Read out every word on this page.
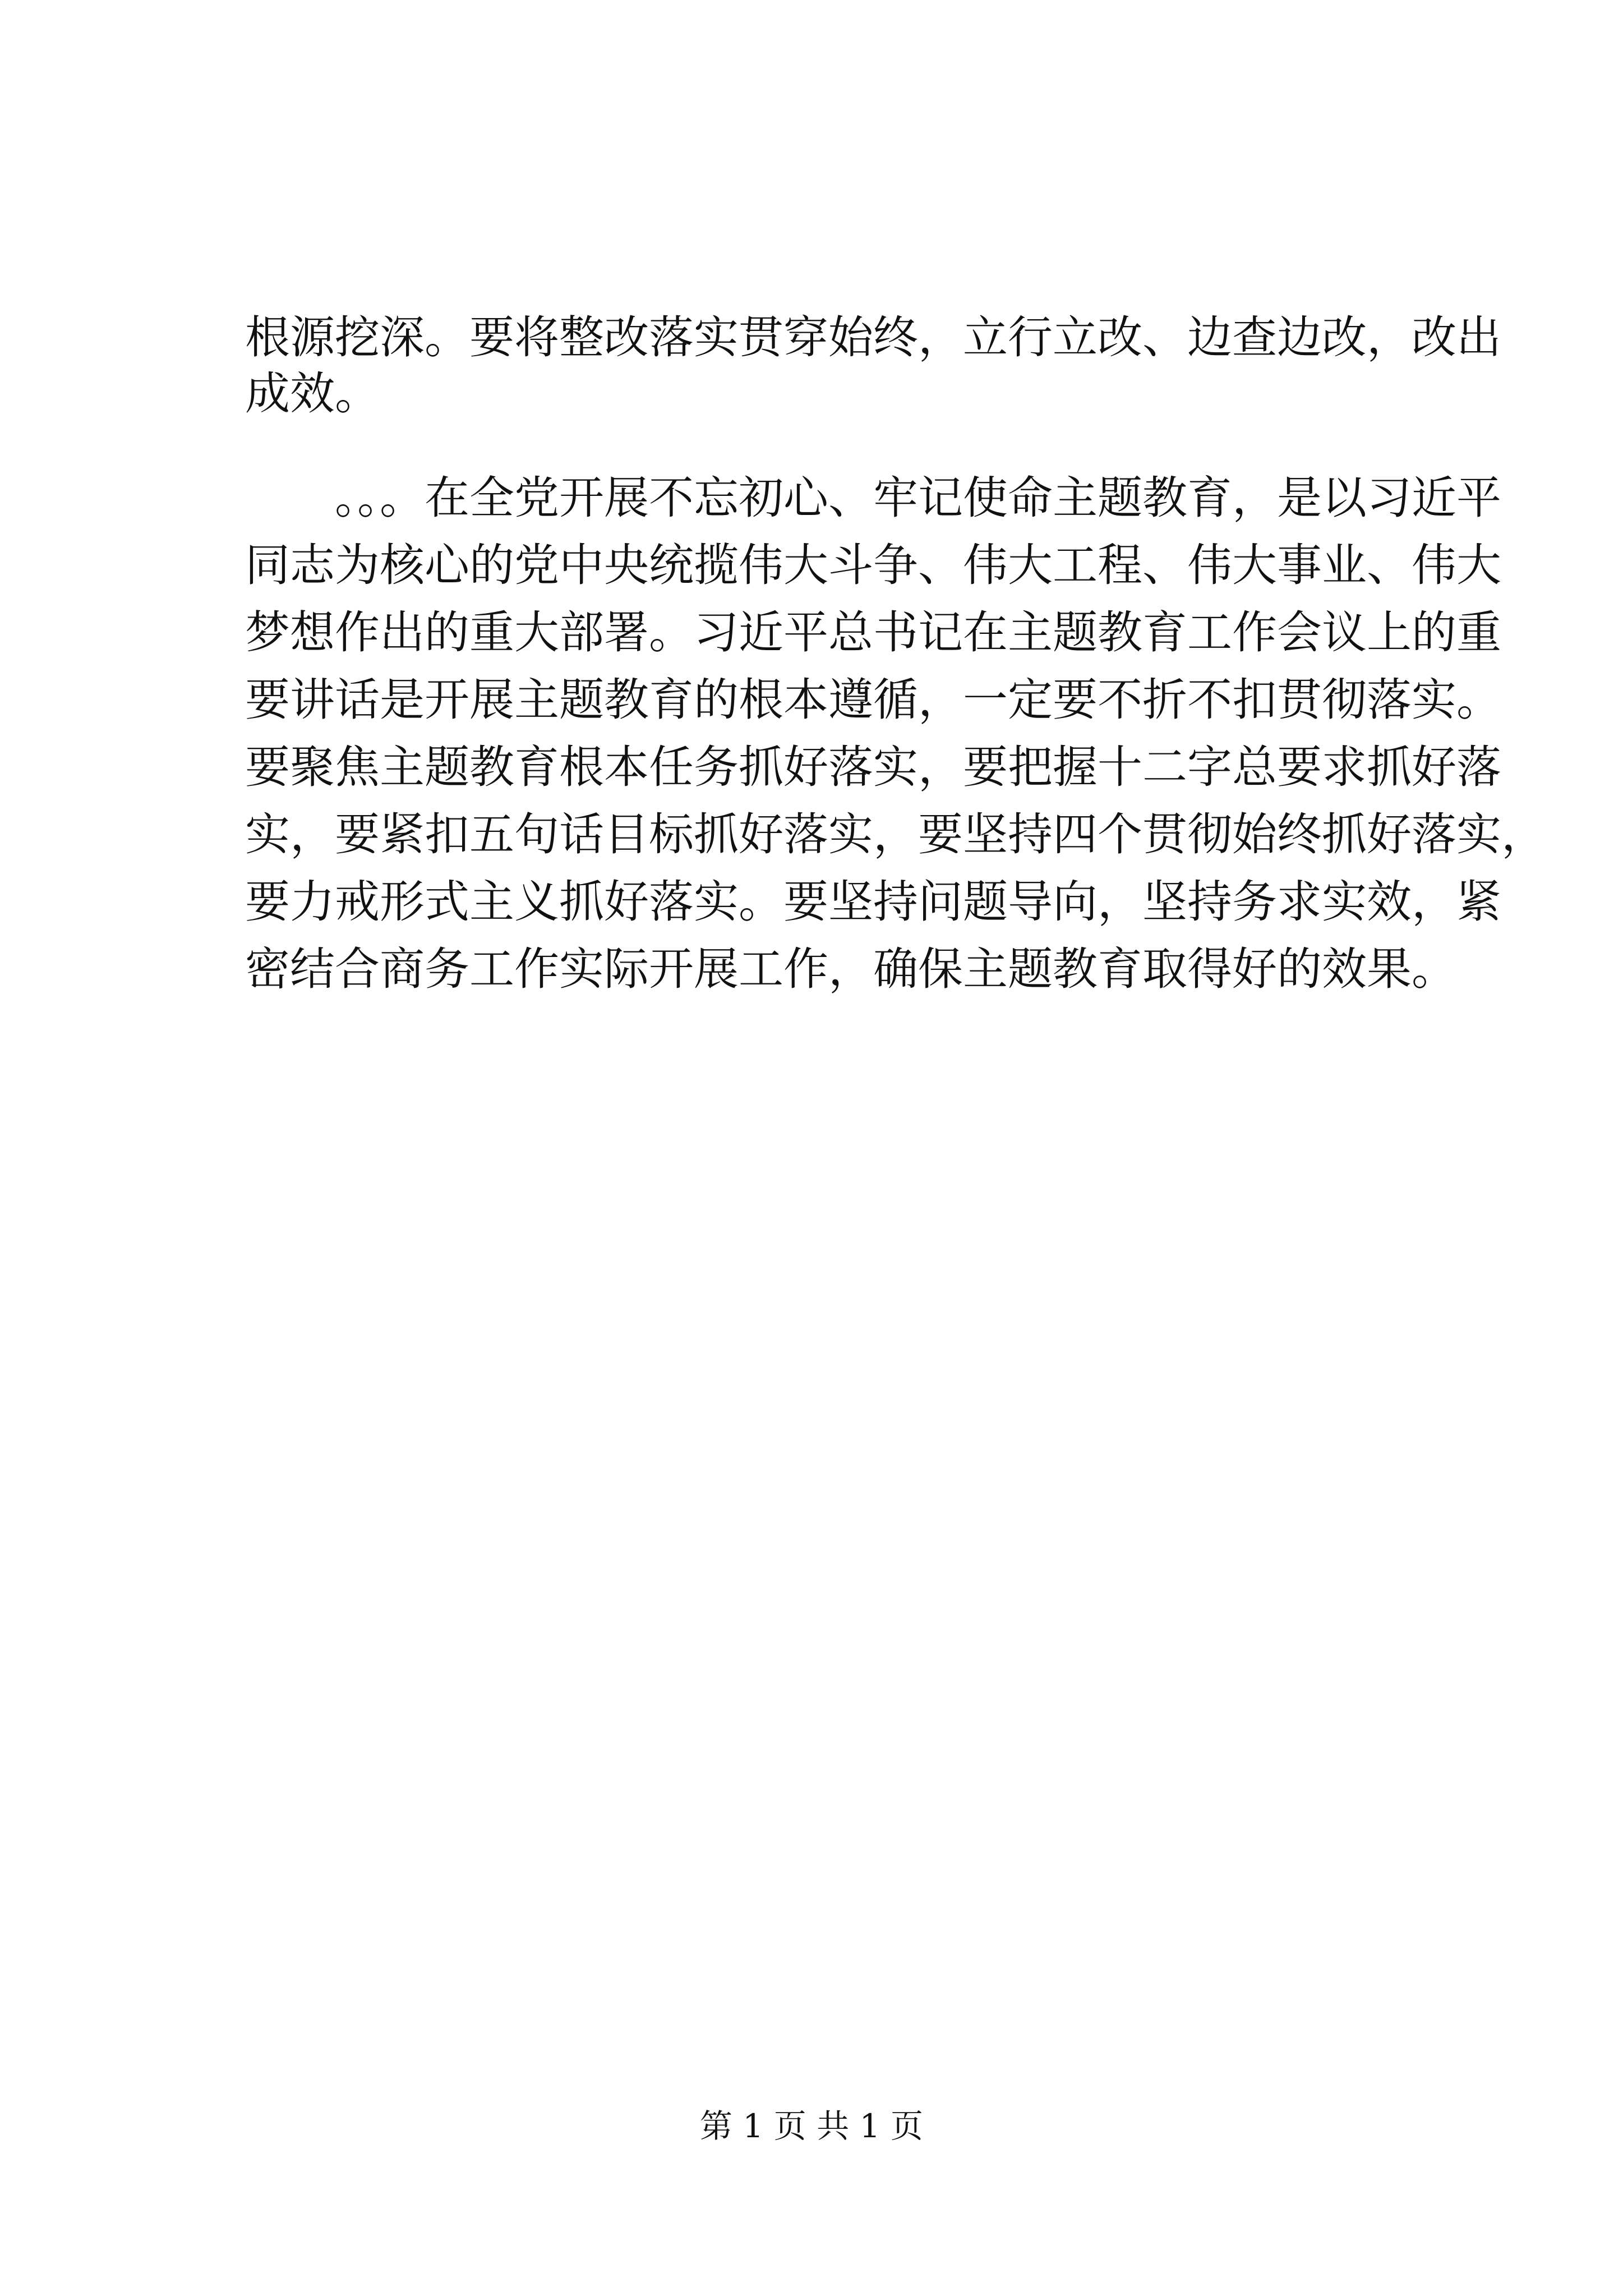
根源挖深。要将整改落实贯穿始终，立行立改、边查边改，改出
成效。
。。。在全党开展不忘初心、牢记使命主题教育，是以习近平
同志为核心的党中央统揽伟大斗争、伟大工程、伟大事业、伟大
梦想作出的重大部署。习近平总书记在主题教育工作会议上的重
要讲话是开展主题教育的根本遵循，一定要不折不扣贯彻落实。
要聚焦主题教育根本任务抓好落实，要把握十二字总要求抓好落
实，要紧扣五句话目标抓好落实，要坚持四个贯彻始终抓好落实，
要力戒形式主义抓好落实。要坚持问题导向，坚持务求实效，紧
密结合商务工作实际开展工作，确保主题教育取得好的效果。
第 1 页 共 1 页
